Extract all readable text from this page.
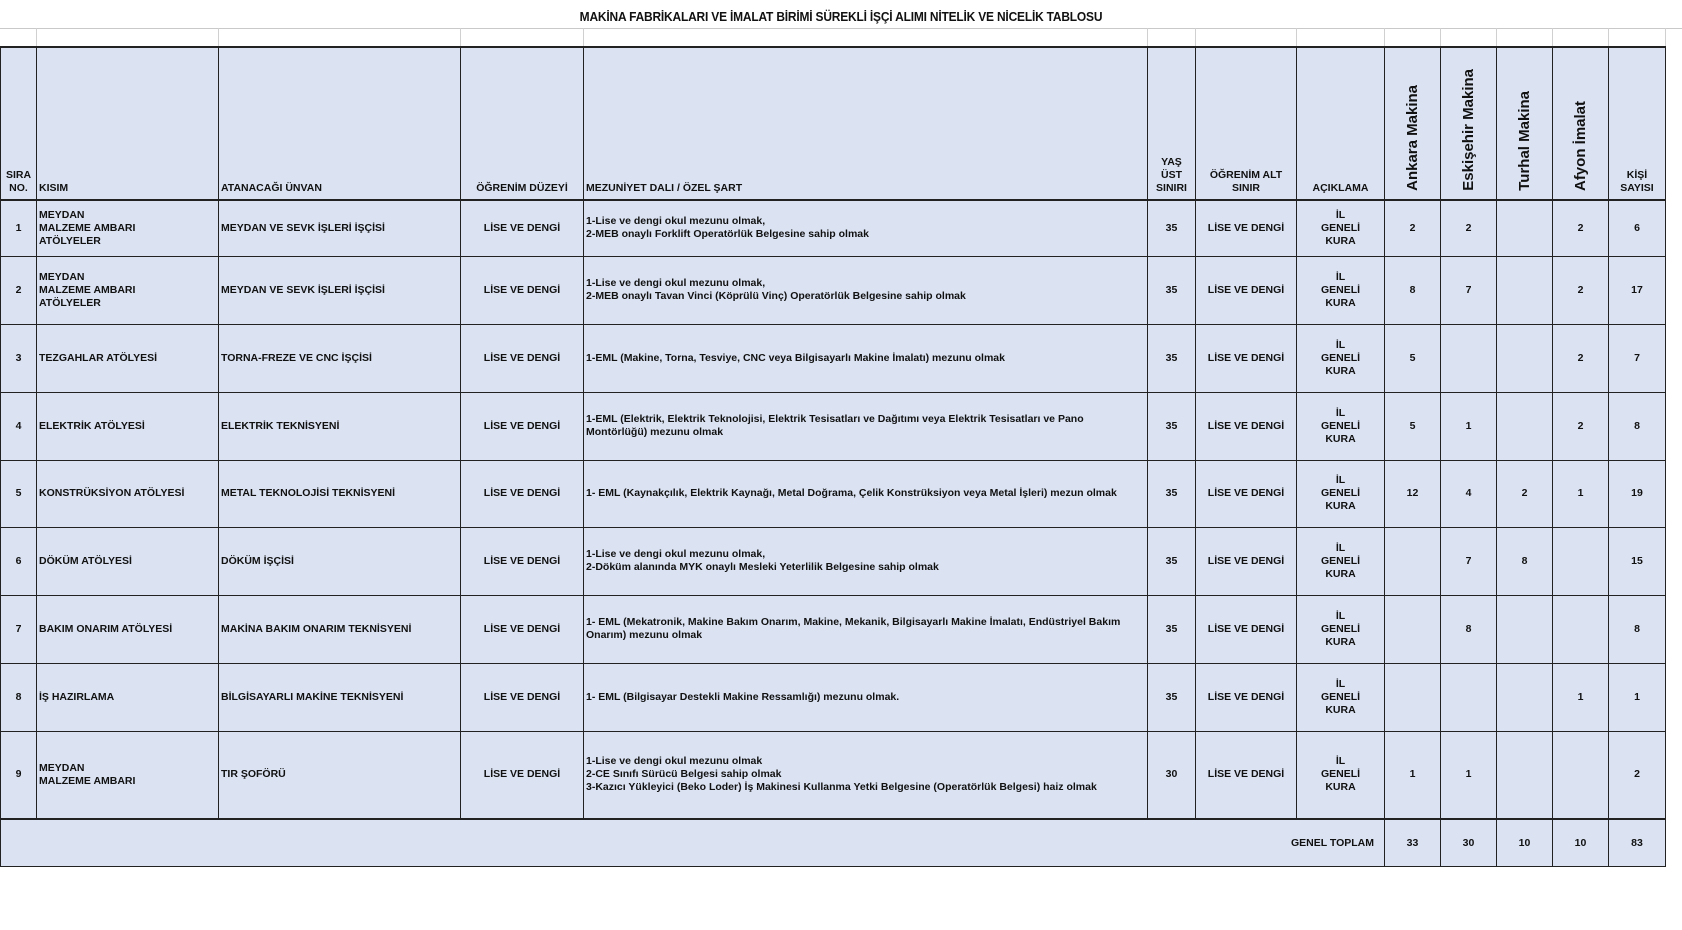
MAKİNA FABRİKALARI VE İMALAT BİRİMİ SÜREKLİ İŞÇİ ALIMI NİTELİK VE NİCELİK TABLOSU
SIRA
NO.	KISIM	ATANACAĞI ÜNVAN	ÖĞRENİM DÜZEYİ	MEZUNİYET DALI / ÖZEL ŞART	YAŞ
ÜST
SINIRI	ÖĞRENİM ALT
SINIR	AÇIKLAMA	Ankara Makina	Eskişehir Makina	Turhal Makina	Afyon İmalat	KİŞİ
SAYISI	
1	MEYDAN
MALZEME AMBARI
ATÖLYELER	MEYDAN VE SEVK İŞLERİ İŞÇİSİ	LİSE VE DENGİ	1-Lise ve dengi okul mezunu olmak,
2-MEB onaylı Forklift Operatörlük Belgesine sahip olmak	35	LİSE VE DENGİ	İL
GENELİ
KURA	2	2		2	6	
2	MEYDAN
MALZEME AMBARI
ATÖLYELER	MEYDAN VE SEVK İŞLERİ İŞÇİSİ	LİSE VE DENGİ	1-Lise ve dengi okul mezunu olmak,
2-MEB onaylı Tavan Vinci (Köprülü Vinç) Operatörlük Belgesine sahip olmak	35	LİSE VE DENGİ	İL
GENELİ
KURA	8	7		2	17	
3	TEZGAHLAR ATÖLYESİ	TORNA-FREZE VE CNC İŞÇİSİ	LİSE VE DENGİ	1-EML (Makine, Torna, Tesviye, CNC veya Bilgisayarlı Makine İmalatı) mezunu olmak	35	LİSE VE DENGİ	İL
GENELİ
KURA	5			2	7	
4	ELEKTRİK ATÖLYESİ	ELEKTRİK TEKNİSYENİ	LİSE VE DENGİ	1-EML (Elektrik, Elektrik Teknolojisi, Elektrik Tesisatları ve Dağıtımı veya Elektrik Tesisatları ve Pano
Montörlüğü) mezunu olmak	35	LİSE VE DENGİ	İL
GENELİ
KURA	5	1		2	8	
5	KONSTRÜKSİYON ATÖLYESİ	METAL TEKNOLOJİSİ TEKNİSYENİ	LİSE VE DENGİ	1- EML (Kaynakçılık, Elektrik Kaynağı, Metal Doğrama, Çelik Konstrüksiyon veya Metal İşleri) mezun olmak	35	LİSE VE DENGİ	İL
GENELİ
KURA	12	4	2	1	19	
6	DÖKÜM ATÖLYESİ	DÖKÜM İŞÇİSİ	LİSE VE DENGİ	1-Lise ve dengi okul mezunu olmak,
2-Döküm alanında MYK onaylı Mesleki Yeterlilik Belgesine sahip olmak	35	LİSE VE DENGİ	İL
GENELİ
KURA		7	8		15	
7	BAKIM ONARIM ATÖLYESİ	MAKİNA BAKIM ONARIM TEKNİSYENİ	LİSE VE DENGİ	1- EML (Mekatronik, Makine Bakım Onarım, Makine, Mekanik, Bilgisayarlı Makine İmalatı, Endüstriyel Bakım
Onarım) mezunu olmak	35	LİSE VE DENGİ	İL
GENELİ
KURA		8			8	
8	İŞ HAZIRLAMA	BİLGİSAYARLI MAKİNE TEKNİSYENİ	LİSE VE DENGİ	1- EML (Bilgisayar Destekli Makine Ressamlığı) mezunu olmak.	35	LİSE VE DENGİ	İL
GENELİ
KURA				1	1	
9	MEYDAN
MALZEME AMBARI	TIR ŞOFÖRÜ	LİSE VE DENGİ	1-Lise ve dengi okul mezunu olmak
2-CE Sınıfı Sürücü Belgesi sahip olmak
3-Kazıcı Yükleyici (Beko Loder) İş Makinesi Kullanma Yetki Belgesine (Operatörlük Belgesi) haiz olmak	30	LİSE VE DENGİ	İL
GENELİ
KURA	1	1			2	
GENEL TOPLAM								33	30	10	10	83	
